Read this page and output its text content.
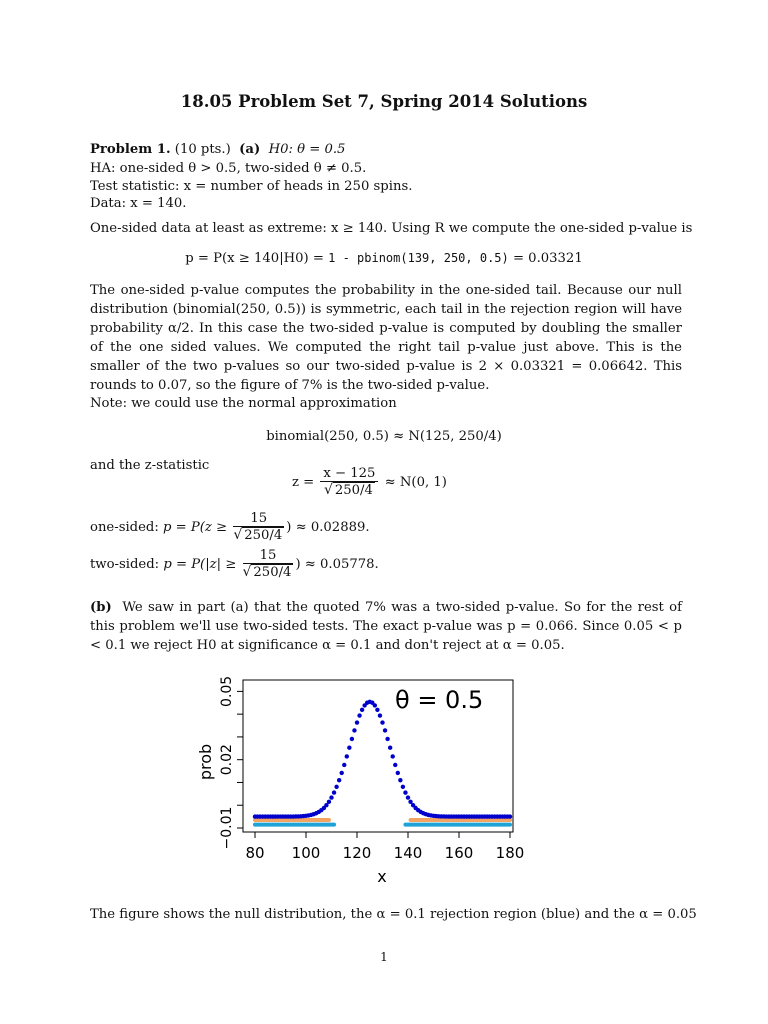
18.05 Problem Set 7, Spring 2014 Solutions
Problem 1. (10 pts.) (a) H0: θ = 0.5
HA: one-sided θ > 0.5, two-sided θ ≠ 0.5.
Test statistic: x = number of heads in 250 spins.
Data: x = 140.
One-sided data at least as extreme: x ≥ 140. Using R we compute the one-sided p-value is
p = P(x ≥ 140|H0) = 1 - pbinom(139, 250, 0.5) = 0.03321
The one-sided p-value computes the probability in the one-sided tail. Because our null distribution (binomial(250, 0.5)) is symmetric, each tail in the rejection region will have probability α/2. In this case the two-sided p-value is computed by doubling the smaller of the one sided values. We computed the right tail p-value just above. This is the smaller of the two p-values so our two-sided p-value is 2 × 0.03321 = 0.06642. This rounds to 0.07, so the figure of 7% is the two-sided p-value.
Note: we could use the normal approximation
binomial(250, 0.5) ≈ N(125, 250/4)
and the z-statistic
$z = \frac{x - 125}{√ 250/4} \approx N(0$, 1)
one-sided: $p = P(z \ge \frac{15}{√ 250/4}$ ) ≈ 0.02889.
two-sided: $p = P(|z| \ge \frac{15}{√ 250/4}$ ) ≈ 0.05778.
(b) We saw in part (a) that the quoted 7% was a two-sided p-value. So for the rest of this problem we'll use two-sided tests. The exact p-value was p = 0.066. Since 0.05 < p < 0.1 we reject H0 at significance α = 0.1 and don't reject at α = 0.05.
80 100 120 140 160 180
−0.01
0.02
0.05	θ = 0.5
x
prob
The figure shows the null distribution, the α = 0.1 rejection region (blue) and the α = 0.05
1
